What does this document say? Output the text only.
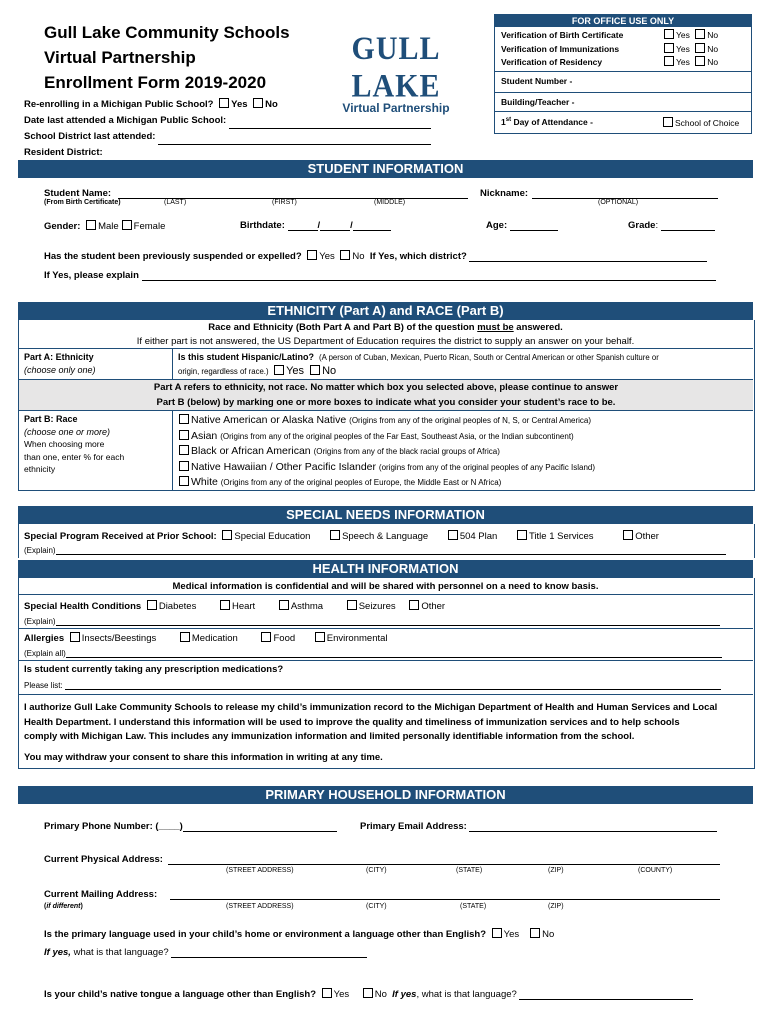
Gull Lake Community Schools
Virtual Partnership
Enrollment Form 2019-2020
GULL LAKE
Virtual Partnership
Re-enrolling in a Michigan Public School? Yes No
Date last attended a Michigan Public School:
School District last attended:
Resident District:
FOR OFFICE USE ONLY
Verification of Birth Certificate	Yes No
Verification of Immunizations	Yes No
Verification of Residency	Yes No
Student Number -
Building/Teacher -
1st Day of Attendance -	School of Choice
STUDENT INFORMATION
Student Name:
(From Birth Certificate)	(LAST)	(FIRST)	(MIDDLE)
Nickname:
(OPTIONAL)
Gender: Male Female	Birthdate:	/	/	Age:	Grade:
Has the student been previously suspended or expelled? Yes No If Yes, which district?
If Yes, please explain
ETHNICITY (Part A) and RACE (Part B)
Race and Ethnicity (Both Part A and Part B) of the question must be answered.
If either part is not answered, the US Department of Education requires the district to supply an answer on your behalf.
Part A: Ethnicity
(choose only one)
Is this student Hispanic/Latino? (A person of Cuban, Mexican, Puerto Rican, South or Central American or other Spanish culture or
origin, regardless of race.) Yes No
Part A refers to ethnicity, not race. No matter which box you selected above, please continue to answer
Part B (below) by marking one or more boxes to indicate what you consider your student’s race to be.
Part B: Race
(choose one or more)
When choosing more
than one, enter % for each
ethnicity
Native American or Alaska Native (Origins from any of the original peoples of N, S, or Central America)
Asian (Origins from any of the original peoples of the Far East, Southeast Asia, or the Indian subcontinent)
Black or African American (Origins from any of the black racial groups of Africa)
Native Hawaiian / Other Pacific Islander (origins from any of the original peoples of any Pacific Island)
White (Origins from any of the original peoples of Europe, the Middle East or N Africa)
SPECIAL NEEDS INFORMATION
Special Program Received at Prior School: Special Education	Speech & Language	504 Plan	Title 1 Services	Other
(Explain)
HEALTH INFORMATION
Medical information is confidential and will be shared with personnel on a need to know basis.
Special Health Conditions Diabetes	Heart	Asthma	Seizures	Other
(Explain)
Allergies Insects/Beestings	Medication	Food	Environmental
(Explain all)
Is student currently taking any prescription medications?
Please list:
I authorize Gull Lake Community Schools to release my child’s immunization record to the Michigan Department of Health and Human Services and Local
Health Department. I understand this information will be used to improve the quality and timeliness of immunization services and to help schools
comply with Michigan Law. This includes any immunization information and limited personally identifiable information from the school.
You may withdraw your consent to share this information in writing at any time.
PRIMARY HOUSEHOLD INFORMATION
Primary Phone Number: (____)	Primary Email Address:
Current Physical Address:
(STREET ADDRESS)	(CITY)	(STATE)	(ZIP)	(COUNTY)
Current Mailing Address:
(if different)	(STREET ADDRESS)	(CITY)	(STATE)	(ZIP)
Is the primary language used in your child’s home or environment a language other than English? Yes No
If yes, what is that language?
Is your child’s native tongue a language other than English? Yes	No If yes, what is that language?
